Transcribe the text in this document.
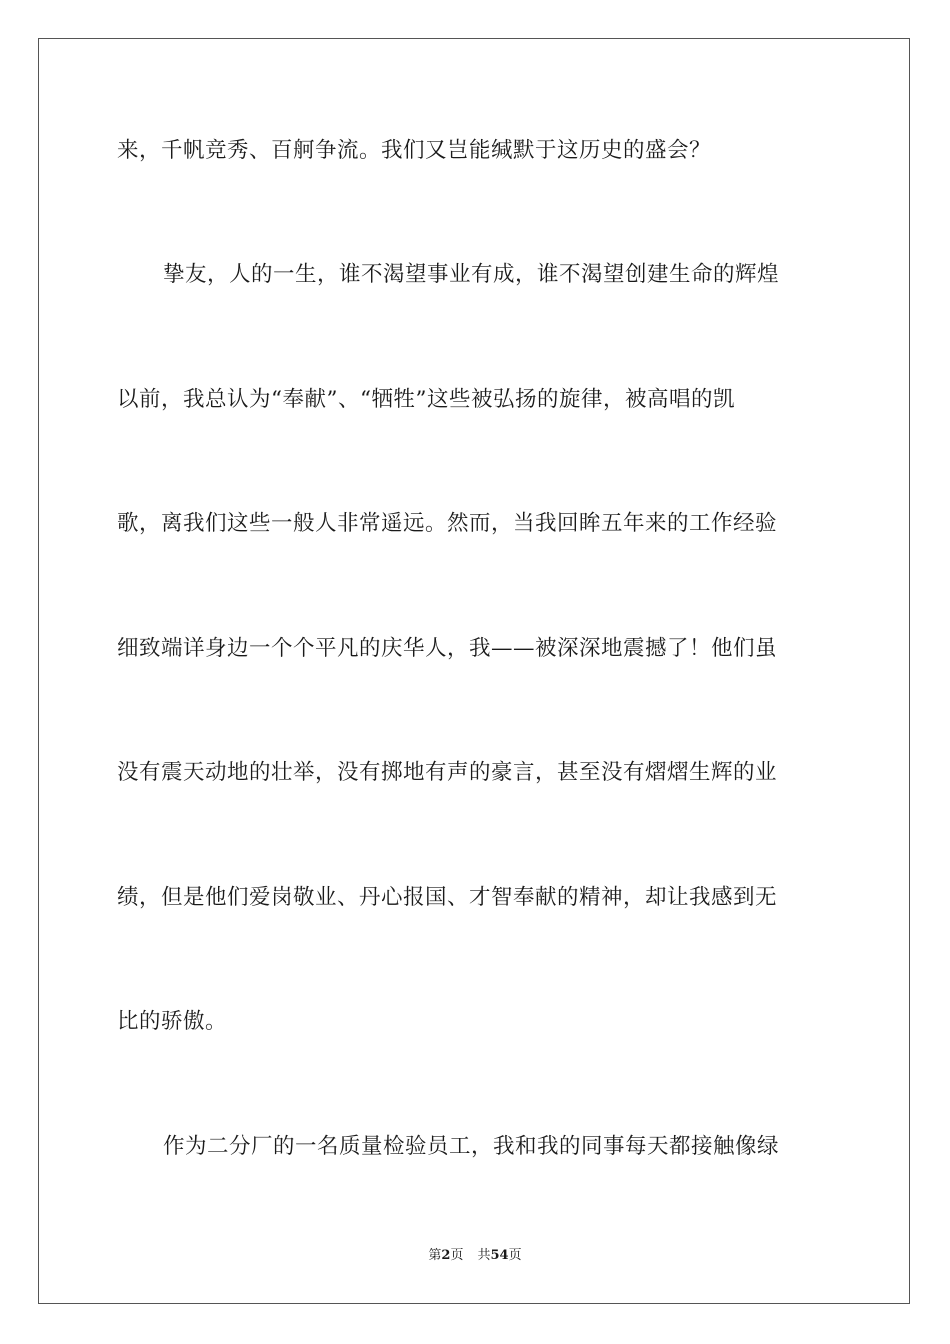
来，千帆竞秀、百舸争流。我们又岂能缄默于这历史的盛会？
挚友，人的一生，谁不渴望事业有成，谁不渴望创建生命的辉煌
以前，我总认为“奉献”、“牺牲”这些被弘扬的旋律，被高唱的凯
歌，离我们这些一般人非常遥远。然而，当我回眸五年来的工作经验
细致端详身边一个个平凡的庆华人，我——被深深地震撼了！他们虽
没有震天动地的壮举，没有掷地有声的豪言，甚至没有熠熠生辉的业
绩，但是他们爱岗敬业、丹心报国、才智奉献的精神，却让我感到无
比的骄傲。
作为二分厂的一名质量检验员工，我和我的同事每天都接触像绿
第2页 共54页
